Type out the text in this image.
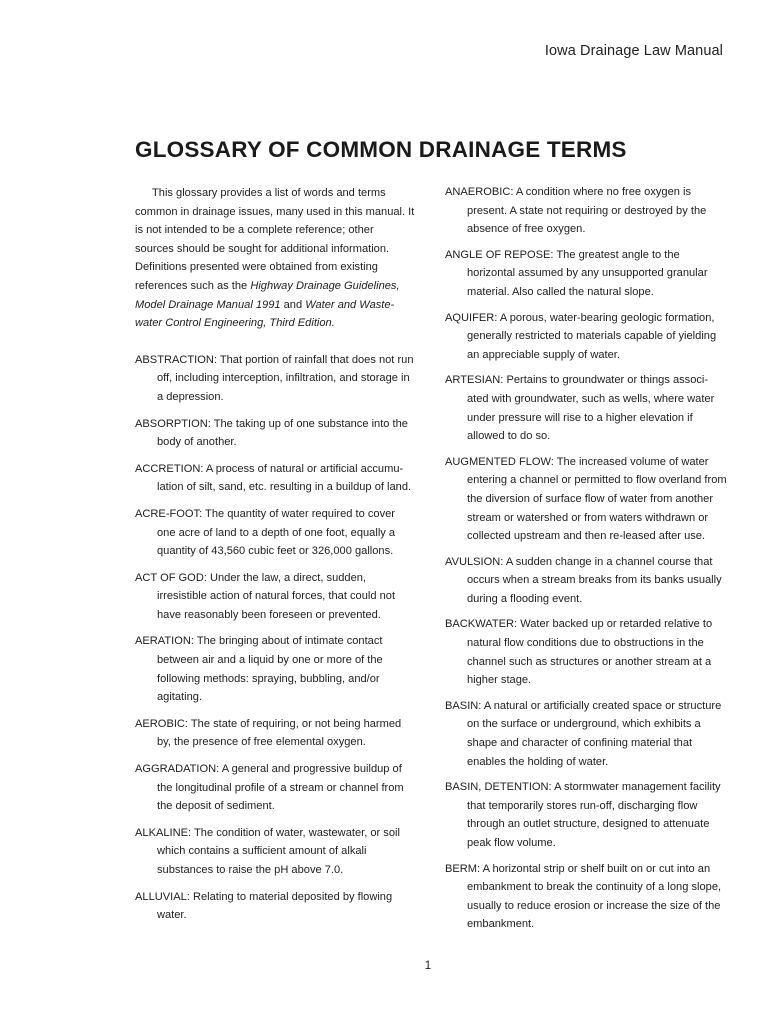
Iowa Drainage Law Manual
GLOSSARY OF COMMON DRAINAGE TERMS

This glossary provides a list of words and terms common in drainage issues, many used in this manual. It is not intended to be a complete reference; other sources should be sought for additional information. Definitions presented were obtained from existing references such as the Highway Drainage Guidelines, Model Drainage Manual 1991 and Water and Waste-water Control Engineering, Third Edition.

ABSTRACTION: That portion of rainfall that does not run off, including interception, infiltration, and storage in a depression.

ABSORPTION: The taking up of one substance into the body of another.

ACCRETION: A process of natural or artificial accumu-lation of silt, sand, etc. resulting in a buildup of land.

ACRE-FOOT: The quantity of water required to cover one acre of land to a depth of one foot, equally a quantity of 43,560 cubic feet or 326,000 gallons.

ACT OF GOD: Under the law, a direct, sudden, irresistible action of natural forces, that could not have reasonably been foreseen or prevented.

AERATION: The bringing about of intimate contact between air and a liquid by one or more of the following methods: spraying, bubbling, and/or agitating.

AEROBIC: The state of requiring, or not being harmed by, the presence of free elemental oxygen.

AGGRADATION: A general and progressive buildup of the longitudinal profile of a stream or channel from the deposit of sediment.

ALKALINE: The condition of water, wastewater, or soil which contains a sufficient amount of alkali substances to raise the pH above 7.0.

ALLUVIAL: Relating to material deposited by flowing water.

ANAEROBIC: A condition where no free oxygen is present. A state not requiring or destroyed by the absence of free oxygen.

ANGLE OF REPOSE: The greatest angle to the horizontal assumed by any unsupported granular material. Also called the natural slope.

AQUIFER: A porous, water-bearing geologic formation, generally restricted to materials capable of yielding an appreciable supply of water.

ARTESIAN: Pertains to groundwater or things associ-ated with groundwater, such as wells, where water under pressure will rise to a higher elevation if allowed to do so.

AUGMENTED FLOW: The increased volume of water entering a channel or permitted to flow overland from the diversion of surface flow of water from another stream or watershed or from waters withdrawn or collected upstream and then re-leased after use.

AVULSION: A sudden change in a channel course that occurs when a stream breaks from its banks usually during a flooding event.

BACKWATER: Water backed up or retarded relative to natural flow conditions due to obstructions in the channel such as structures or another stream at a higher stage.

BASIN: A natural or artificially created space or structure on the surface or underground, which exhibits a shape and character of confining material that enables the holding of water.

BASIN, DETENTION: A stormwater management facility that temporarily stores run-off, discharging flow through an outlet structure, designed to attenuate peak flow volume.

BERM: A horizontal strip or shelf built on or cut into an embankment to break the continuity of a long slope, usually to reduce erosion or increase the size of the embankment.

1
